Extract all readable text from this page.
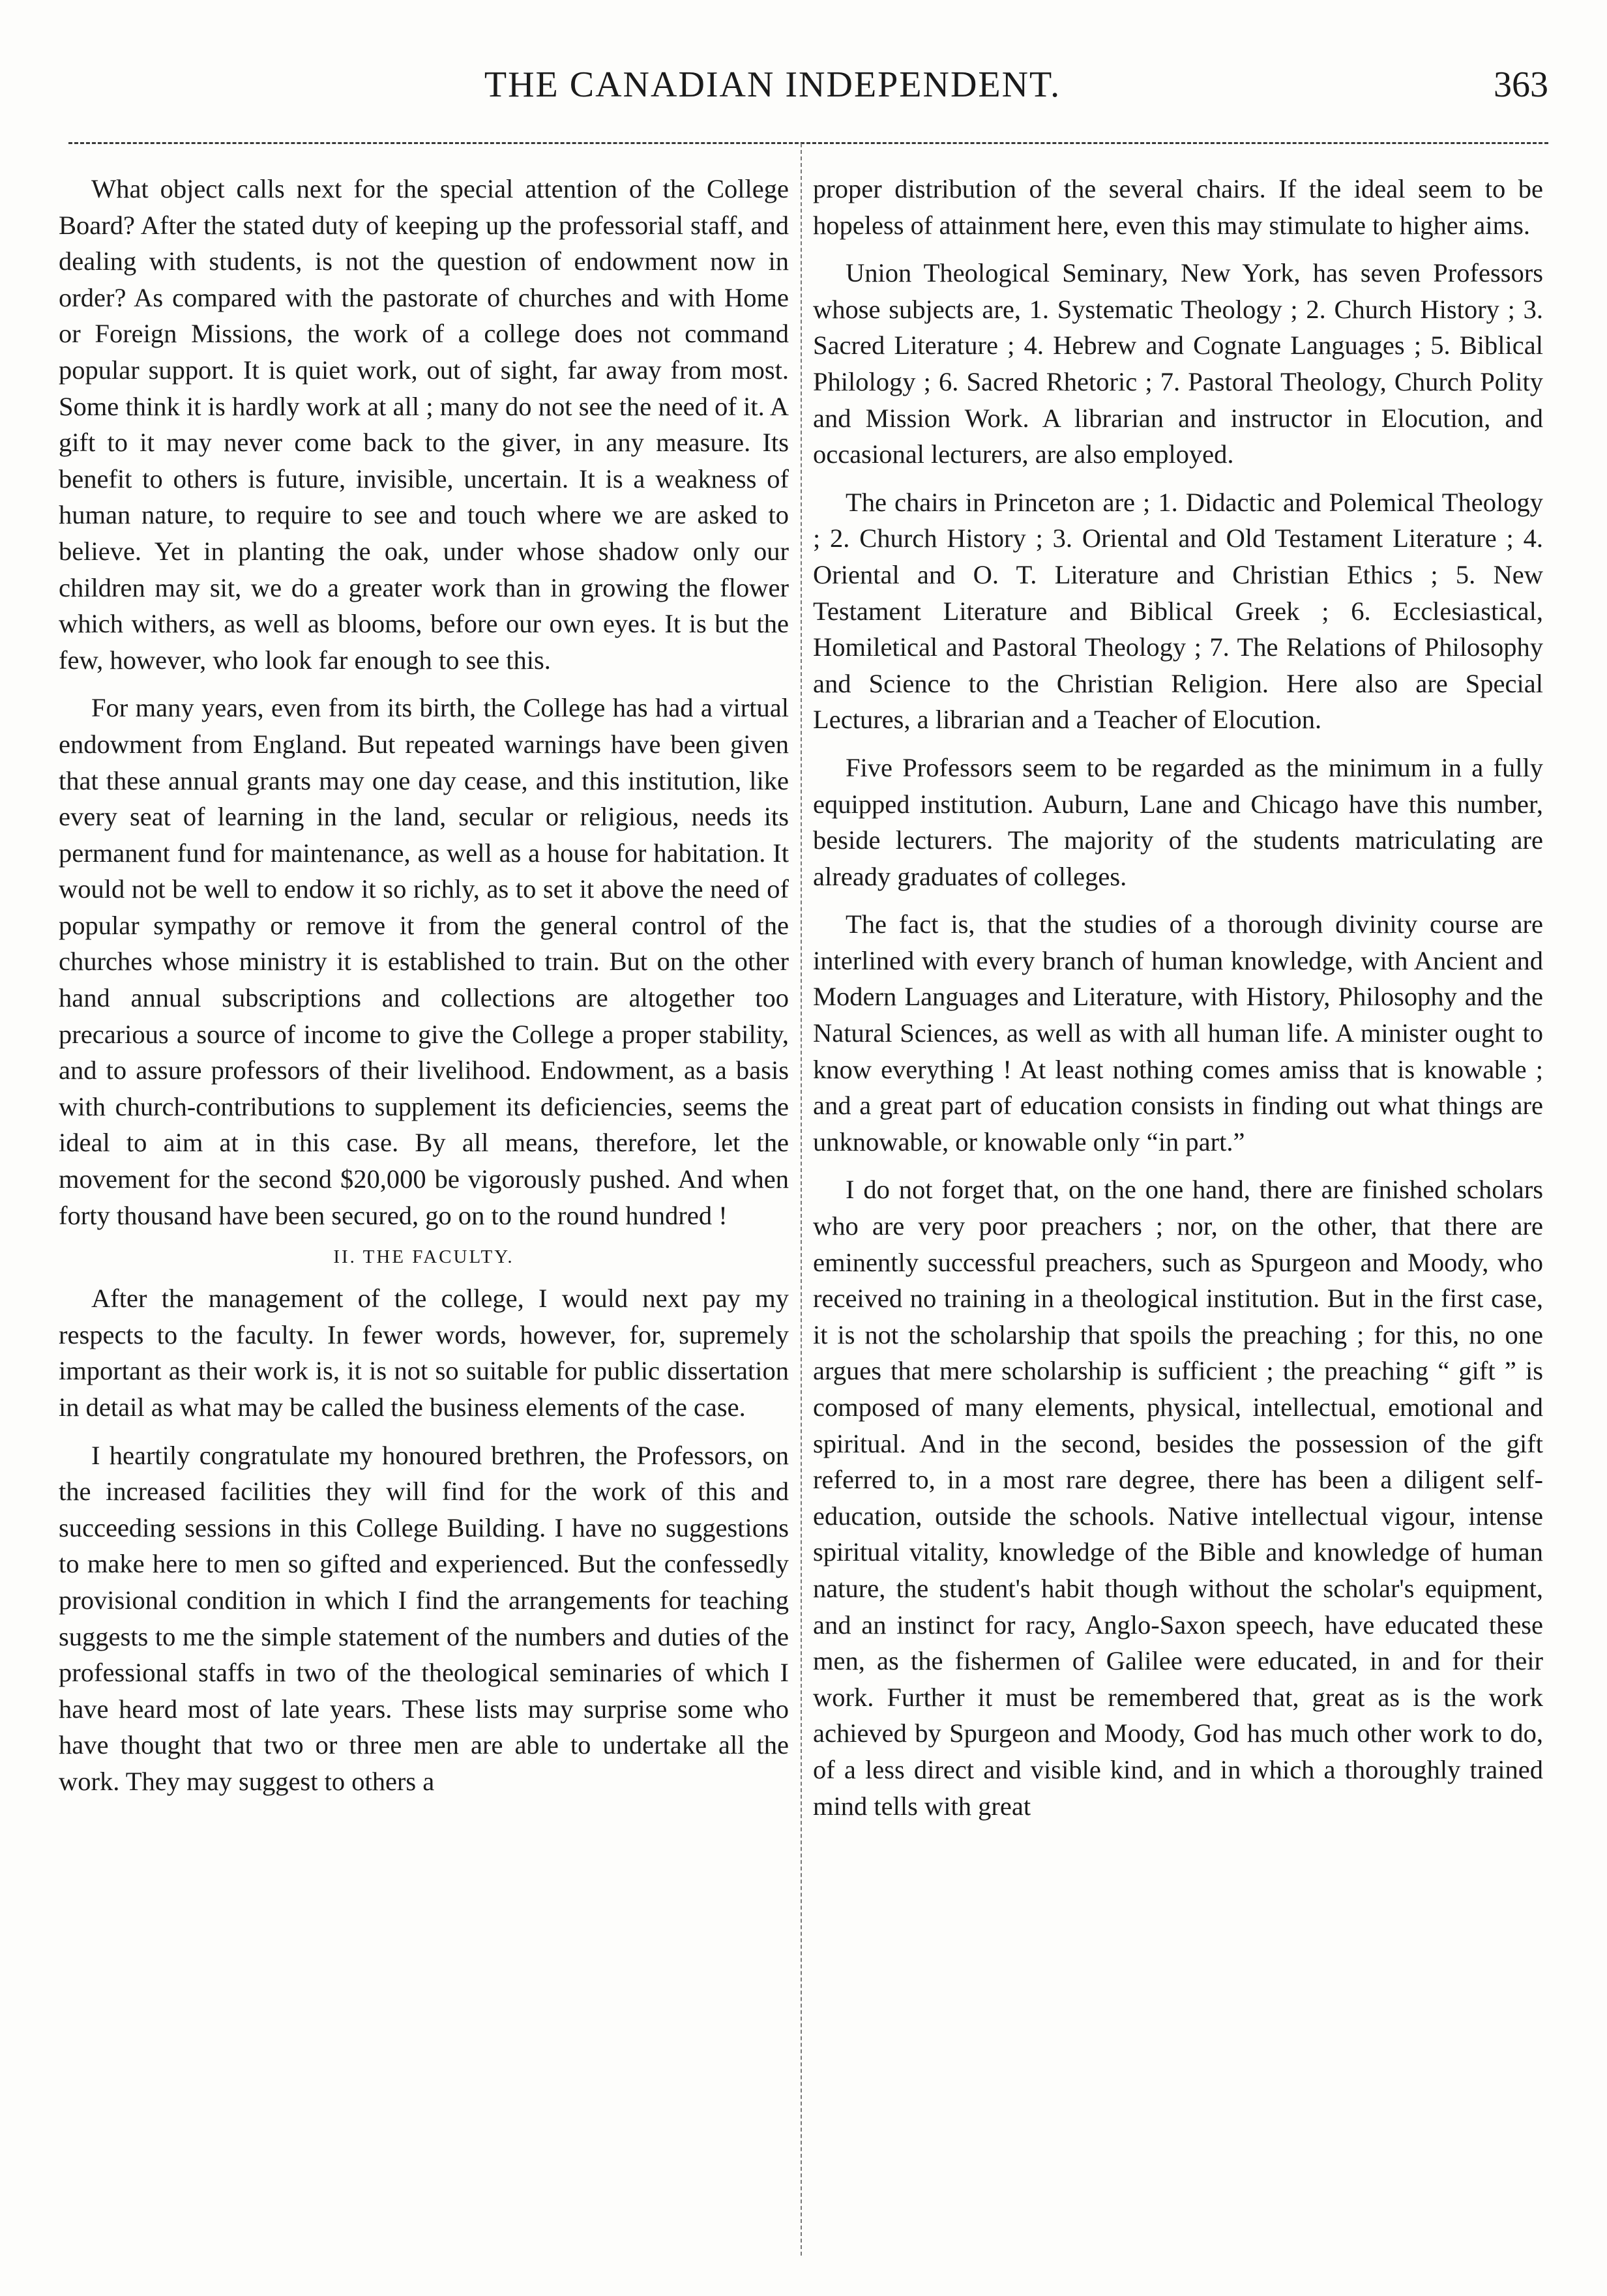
THE CANADIAN INDEPENDENT.	363

What object calls next for the special attention of the College Board? After the stated duty of keeping up the professorial staff, and dealing with students, is not the question of endowment now in order? As compared with the pastorate of churches and with Home or Foreign Missions, the work of a college does not command popular support. It is quiet work, out of sight, far away from most. Some think it is hardly work at all ; many do not see the need of it. A gift to it may never come back to the giver, in any measure. Its benefit to others is future, invisible, uncertain. It is a weakness of human nature, to require to see and touch where we are asked to believe. Yet in planting the oak, under whose shadow only our children may sit, we do a greater work than in growing the flower which withers, as well as blooms, before our own eyes. It is but the few, however, who look far enough to see this.

For many years, even from its birth, the College has had a virtual endowment from England. But repeated warnings have been given that these annual grants may one day cease, and this institution, like every seat of learning in the land, secular or religious, needs its permanent fund for maintenance, as well as a house for habitation. It would not be well to endow it so richly, as to set it above the need of popular sympathy or remove it from the general control of the churches whose ministry it is established to train. But on the other hand annual subscriptions and collections are altogether too precarious a source of income to give the College a proper stability, and to assure professors of their livelihood. Endowment, as a basis with church-contributions to supplement its deficiencies, seems the ideal to aim at in this case. By all means, therefore, let the movement for the second $20,000 be vigorously pushed. And when forty thousand have been secured, go on to the round hundred !

II. THE FACULTY.

After the management of the college, I would next pay my respects to the faculty. In fewer words, however, for, supremely important as their work is, it is not so suitable for public dissertation in detail as what may be called the business elements of the case.

I heartily congratulate my honoured brethren, the Professors, on the increased facilities they will find for the work of this and succeeding sessions in this College Building. I have no suggestions to make here to men so gifted and experienced. But the confessedly provisional condition in which I find the arrangements for teaching suggests to me the simple statement of the numbers and duties of the professional staffs in two of the theological seminaries of which I have heard most of late years. These lists may surprise some who have thought that two or three men are able to undertake all the work. They may suggest to others a

proper distribution of the several chairs. If the ideal seem to be hopeless of attainment here, even this may stimulate to higher aims.

Union Theological Seminary, New York, has seven Professors whose subjects are, 1. Systematic Theology ; 2. Church History ; 3. Sacred Literature ; 4. Hebrew and Cognate Languages ; 5. Biblical Philology ; 6. Sacred Rhetoric ; 7. Pastoral Theology, Church Polity and Mission Work. A librarian and instructor in Elocution, and occasional lecturers, are also employed.

The chairs in Princeton are ; 1. Didactic and Polemical Theology ; 2. Church History ; 3. Oriental and Old Testament Literature ; 4. Oriental and O. T. Literature and Christian Ethics ; 5. New Testament Literature and Biblical Greek ; 6. Ecclesiastical, Homiletical and Pastoral Theology ; 7. The Relations of Philosophy and Science to the Christian Religion. Here also are Special Lectures, a librarian and a Teacher of Elocution.

Five Professors seem to be regarded as the minimum in a fully equipped institution. Auburn, Lane and Chicago have this number, beside lecturers. The majority of the students matriculating are already graduates of colleges.

The fact is, that the studies of a thorough divinity course are interlined with every branch of human knowledge, with Ancient and Modern Languages and Literature, with History, Philosophy and the Natural Sciences, as well as with all human life. A minister ought to know everything ! At least nothing comes amiss that is knowable ; and a great part of education consists in finding out what things are unknowable, or knowable only “in part.”

I do not forget that, on the one hand, there are finished scholars who are very poor preachers ; nor, on the other, that there are eminently successful preachers, such as Spurgeon and Moody, who received no training in a theological institution. But in the first case, it is not the scholarship that spoils the preaching ; for this, no one argues that mere scholarship is sufficient ; the preaching “ gift ” is composed of many elements, physical, intellectual, emotional and spiritual. And in the second, besides the possession of the gift referred to, in a most rare degree, there has been a diligent self-education, outside the schools. Native intellectual vigour, intense spiritual vitality, knowledge of the Bible and knowledge of human nature, the student's habit though without the scholar's equipment, and an instinct for racy, Anglo-Saxon speech, have educated these men, as the fishermen of Galilee were educated, in and for their work. Further it must be remembered that, great as is the work achieved by Spurgeon and Moody, God has much other work to do, of a less direct and visible kind, and in which a thoroughly trained mind tells with great
